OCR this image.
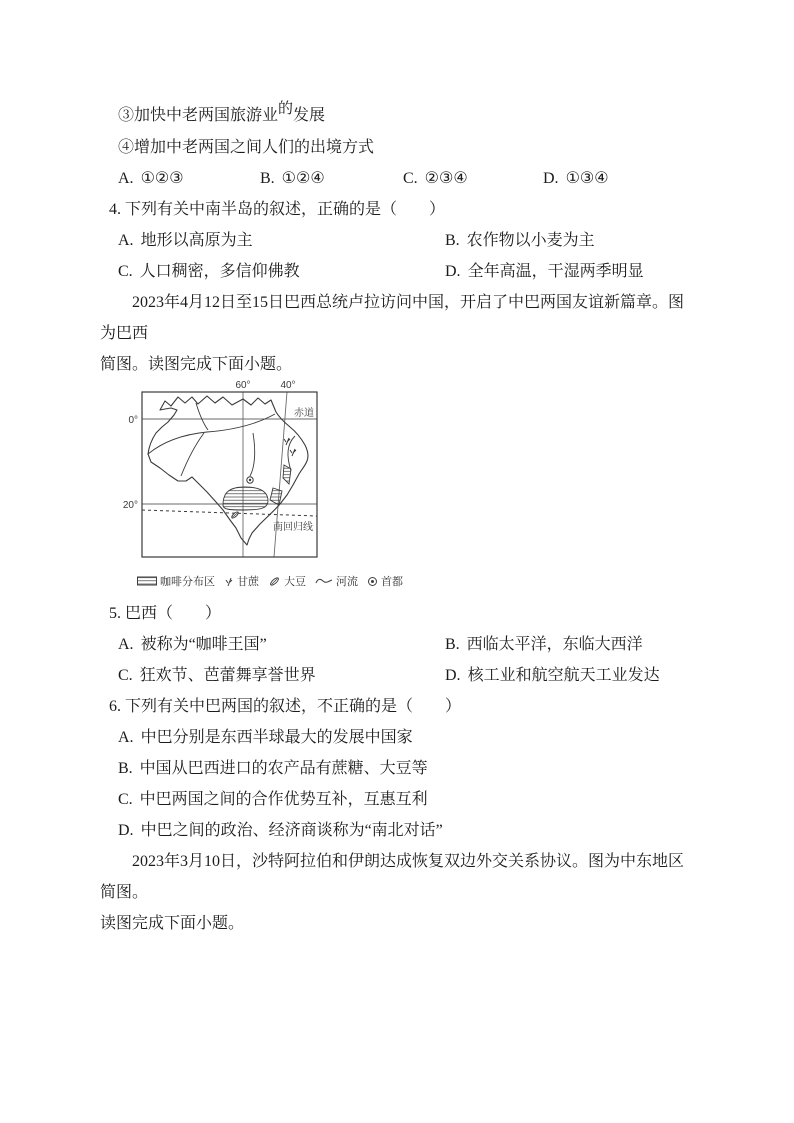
③加快中老两国旅游业的发展

④增加中老两国之间人们的出境方式

A. ①②③	B. ①②④	C. ②③④	D. ①③④

4. 下列有关中南半岛的叙述，正确的是（　　）

A. 地形以高原为主	B. 农作物以小麦为主

C. 人口稠密，多信仰佛教	D. 全年高温，干湿两季明显

2023年4月12日至15日巴西总统卢拉访问中国，开启了中巴两国友谊新篇章。图为巴西

简图。读图完成下面小题。

60°	40°
0°
20°
赤道
南回归线
咖啡分布区 甘蔗 大豆	河流 首都

5. 巴西（　　）

A. 被称为“咖啡王国”	B. 西临太平洋，东临大西洋

C. 狂欢节、芭蕾舞享誉世界	D. 核工业和航空航天工业发达

6. 下列有关中巴两国的叙述，不正确的是（　　）

A. 中巴分别是东西半球最大的发展中国家

B. 中国从巴西进口的农产品有蔗糖、大豆等

C. 中巴两国之间的合作优势互补，互惠互利

D. 中巴之间的政治、经济商谈称为“南北对话”

2023年3月10日，沙特阿拉伯和伊朗达成恢复双边外交关系协议。图为中东地区简图。

读图完成下面小题。
